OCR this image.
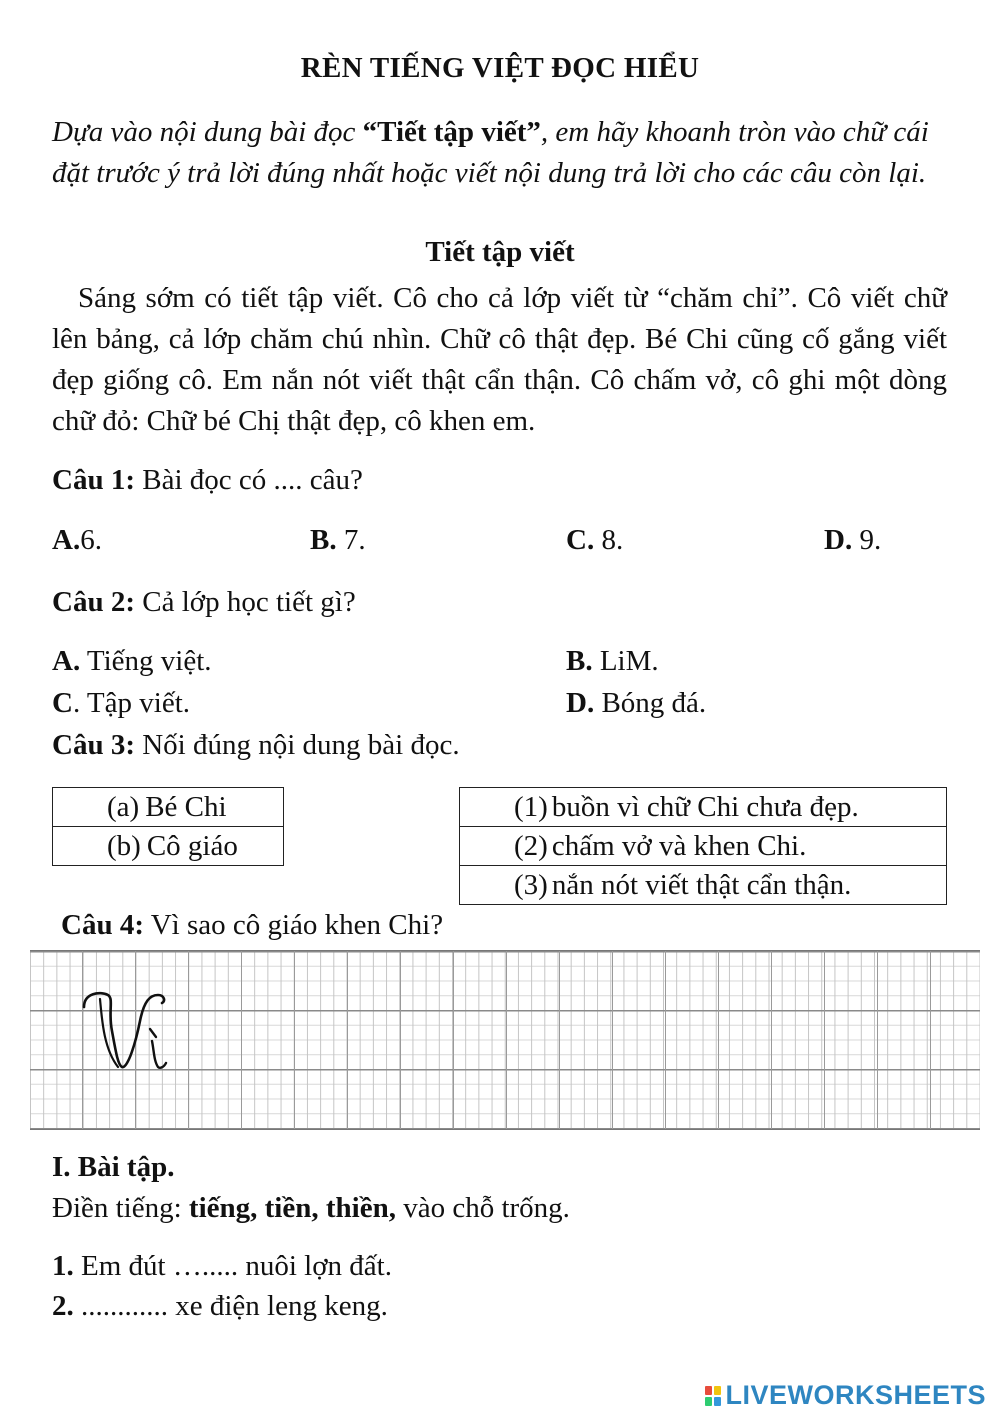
RÈN TIẾNG VIỆT ĐỌC HIỂU
Dựa vào nội dung bài đọc “Tiết tập viết”, em hãy khoanh tròn vào chữ cái đặt trước ý trả lời đúng nhất hoặc viết nội dung trả lời cho các câu còn lại.
Tiết tập viết
Sáng sớm có tiết tập viết. Cô cho cả lớp viết từ “chăm chỉ”. Cô viết chữ lên bảng, cả lớp chăm chú nhìn. Chữ cô thật đẹp. Bé Chi cũng cố gắng viết đẹp giống cô. Em nắn nót viết thật cẩn thận. Cô chấm vở, cô ghi một dòng chữ đỏ: Chữ bé Chị thật đẹp, cô khen em.
Câu 1: Bài đọc có .... câu?
A.6.	B. 7.	C. 8.	D. 9.
Câu 2: Cả lớp học tiết gì?
A. Tiếng việt.	B. LiM.
C. Tập viết.	D. Bóng đá.
Câu 3: Nối đúng nội dung bài đọc.
(a) Bé Chi
(b) Cô giáo
(1) buồn vì chữ Chi chưa đẹp.
(2) chấm vở và khen Chi.
(3) nắn nót viết thật cẩn thận.
Câu 4: Vì sao cô giáo khen Chi?
I. Bài tập.
Điền tiếng: tiếng, tiền, thiền, vào chỗ trống.
1. Em đút …..... nuôi lợn đất.
2. ............ xe điện leng keng.
LIVEWORKSHEETS
